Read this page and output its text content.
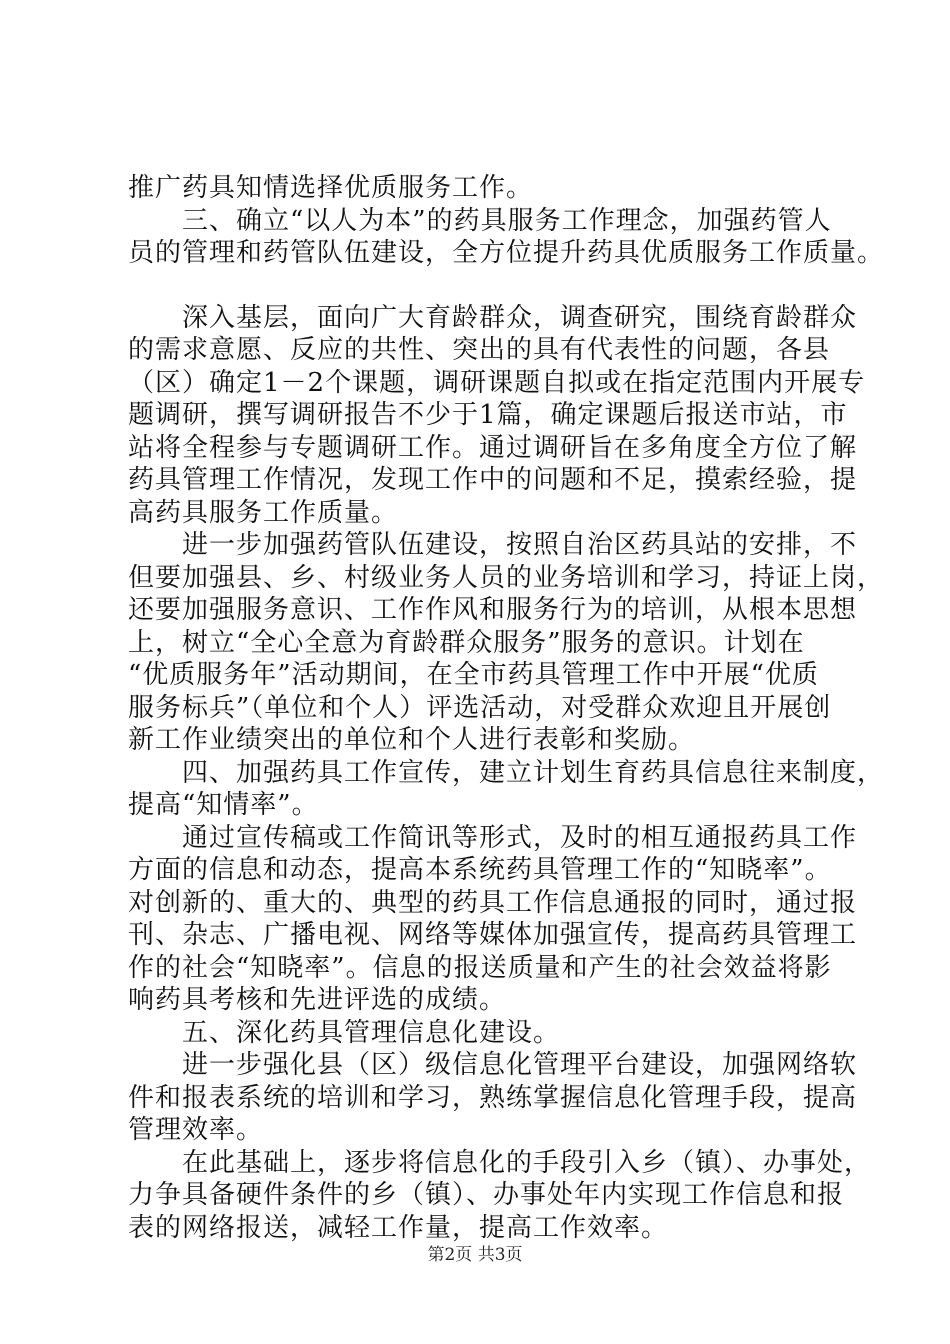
推广药具知情选择优质服务工作。
　　三、确立“以人为本”的药具服务工作理念，加强药管人
员的管理和药管队伍建设，全方位提升药具优质服务工作质量。
　　深入基层，面向广大育龄群众，调查研究，围绕育龄群众
的需求意愿、反应的共性、突出的具有代表性的问题，各县
（区）确定1－2个课题，调研课题自拟或在指定范围内开展专
题调研，撰写调研报告不少于1篇，确定课题后报送市站，市
站将全程参与专题调研工作。通过调研旨在多角度全方位了解
药具管理工作情况，发现工作中的问题和不足，摸索经验，提
高药具服务工作质量。
　　进一步加强药管队伍建设，按照自治区药具站的安排，不
但要加强县、乡、村级业务人员的业务培训和学习，持证上岗，
还要加强服务意识、工作作风和服务行为的培训，从根本思想
上，树立“全心全意为育龄群众服务”服务的意识。计划在
“优质服务年”活动期间，在全市药具管理工作中开展“优质
服务标兵”（单位和个人）评选活动，对受群众欢迎且开展创
新工作业绩突出的单位和个人进行表彰和奖励。
　　四、加强药具工作宣传，建立计划生育药具信息往来制度，
提高“知情率”。
　　通过宣传稿或工作简讯等形式，及时的相互通报药具工作
方面的信息和动态，提高本系统药具管理工作的“知晓率”。
对创新的、重大的、典型的药具工作信息通报的同时，通过报
刊、杂志、广播电视、网络等媒体加强宣传，提高药具管理工
作的社会“知晓率”。信息的报送质量和产生的社会效益将影
响药具考核和先进评选的成绩。
　　五、深化药具管理信息化建设。
　　进一步强化县（区）级信息化管理平台建设，加强网络软
件和报表系统的培训和学习，熟练掌握信息化管理手段，提高
管理效率。
　　在此基础上，逐步将信息化的手段引入乡（镇）、办事处，
力争具备硬件条件的乡（镇）、办事处年内实现工作信息和报
表的网络报送，减轻工作量，提高工作效率。
第2页 共3页
